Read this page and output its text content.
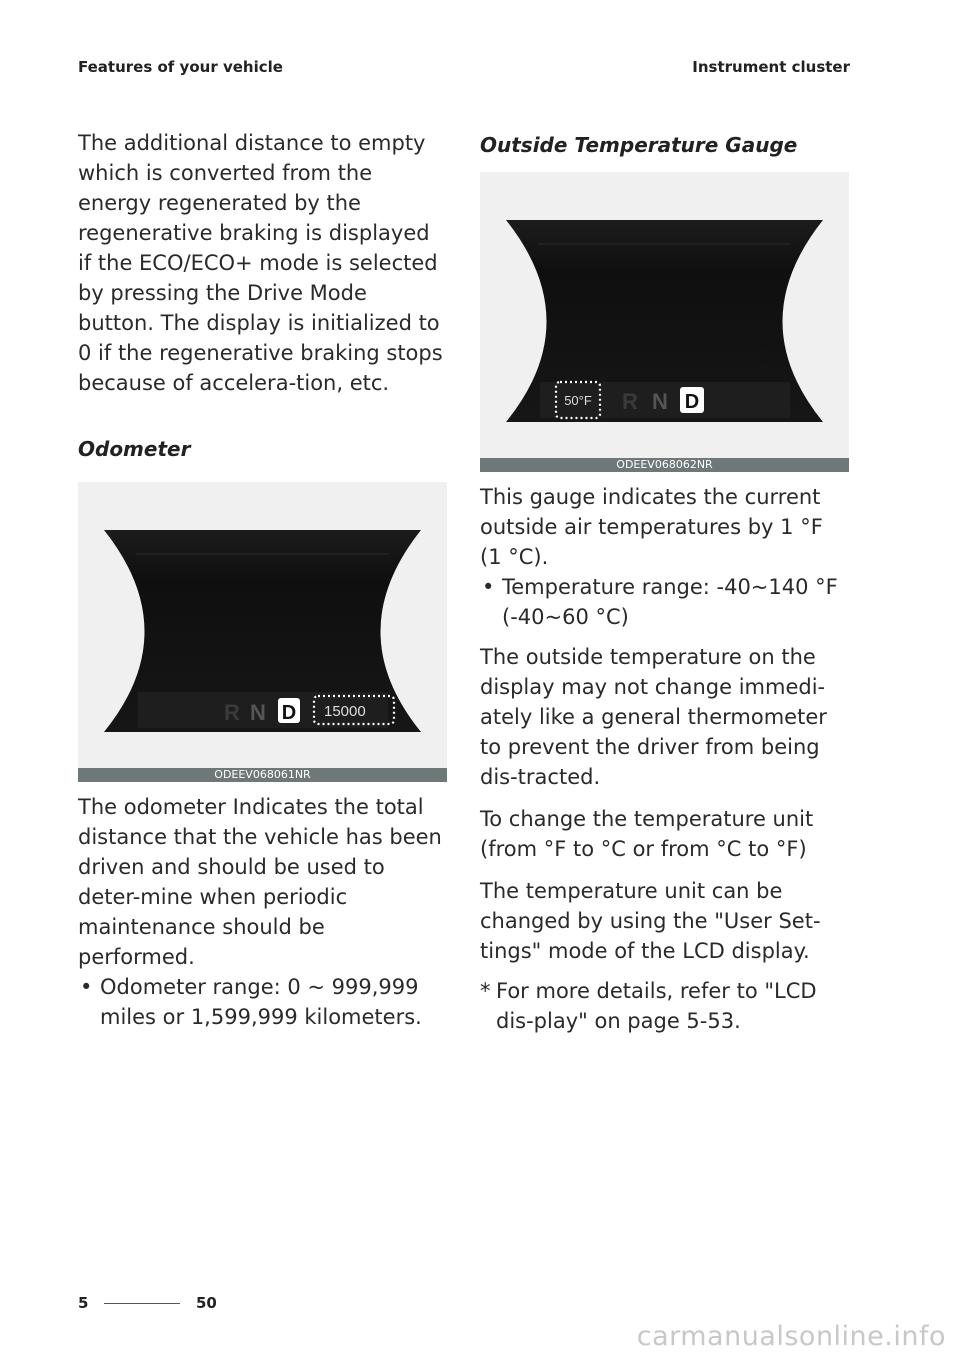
Features of your vehicle	Instrument cluster

The additional distance to empty which is converted from the energy regenerated by the regenerative braking is displayed if the ECO/ECO+ mode is selected by pressing the Drive Mode button. The display is initialized to 0 if the regenerative braking stops because of accelera-tion, etc.

Odometer
R N D 15000
ODEEV068061NR

The odometer Indicates the total distance that the vehicle has been driven and should be used to deter-mine when periodic maintenance should be performed.

• Odometer range: 0 ~ 999,999 miles or 1,599,999 kilometers.
Outside Temperature Gauge
50°F R N D
ODEEV068062NR

This gauge indicates the current outside air temperatures by 1 °F (1 °C).

• Temperature range: -40~140 °F (-40~60 °C)

The outside temperature on the display may not change immedi-ately like a general thermometer to prevent the driver from being dis-tracted.

To change the temperature unit (from °F to °C or from °C to °F)

The temperature unit can be changed by using the "User Set-tings" mode of the LCD display.

* For more details, refer to "LCD dis-play" on page 5-53.
5	50
carmanualsonline.info
